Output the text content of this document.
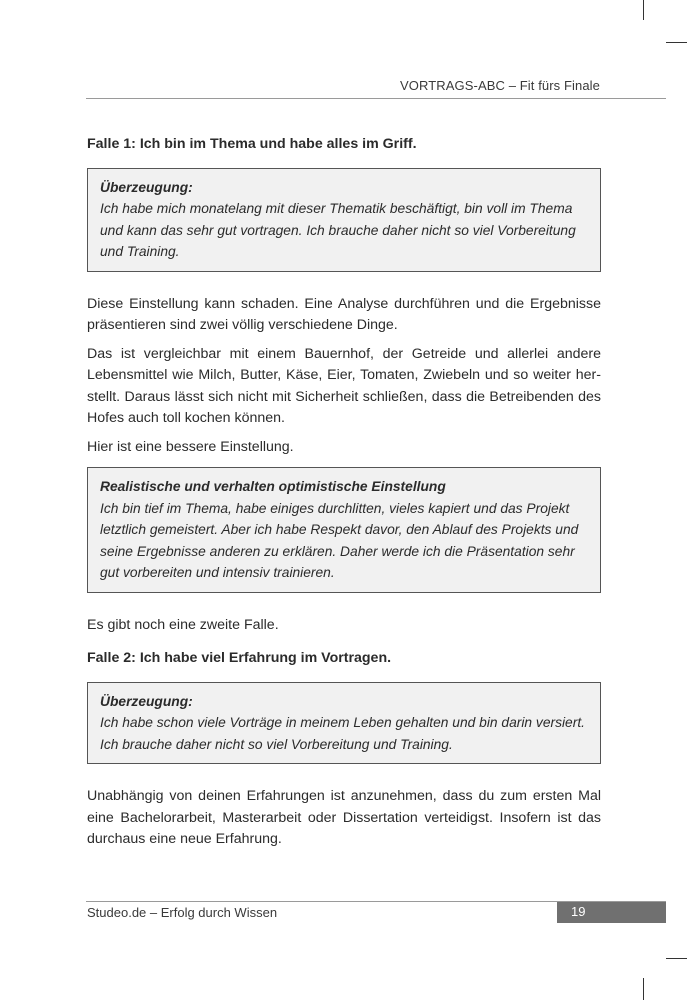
VORTRAGS-ABC – Fit fürs Finale

Falle 1: Ich bin im Thema und habe alles im Griff.

Überzeugung:
Ich habe mich monatelang mit dieser Thematik beschäftigt, bin voll im Thema und kann das sehr gut vortragen. Ich brauche daher nicht so viel Vorbereitung und Training.

Diese Einstellung kann schaden. Eine Analyse durchführen und die Ergebnisse präsentieren sind zwei völlig verschiedene Dinge.

Das ist vergleichbar mit einem Bauernhof, der Getreide und allerlei andere Lebensmittel wie Milch, Butter, Käse, Eier, Tomaten, Zwiebeln und so weiter her-stellt. Daraus lässt sich nicht mit Sicherheit schließen, dass die Betreibenden des Hofes auch toll kochen können.

Hier ist eine bessere Einstellung.

Realistische und verhalten optimistische Einstellung
Ich bin tief im Thema, habe einiges durchlitten, vieles kapiert und das Projekt letztlich gemeistert. Aber ich habe Respekt davor, den Ablauf des Projekts und seine Ergebnisse anderen zu erklären. Daher werde ich die Präsentation sehr gut vorbereiten und intensiv trainieren.

Es gibt noch eine zweite Falle.

Falle 2: Ich habe viel Erfahrung im Vortragen.

Überzeugung:
Ich habe schon viele Vorträge in meinem Leben gehalten und bin darin versiert. Ich brauche daher nicht so viel Vorbereitung und Training.

Unabhängig von deinen Erfahrungen ist anzunehmen, dass du zum ersten Mal eine Bachelorarbeit, Masterarbeit oder Dissertation verteidigst. Insofern ist das durchaus eine neue Erfahrung.

Studeo.de – Erfolg durch Wissen	19
